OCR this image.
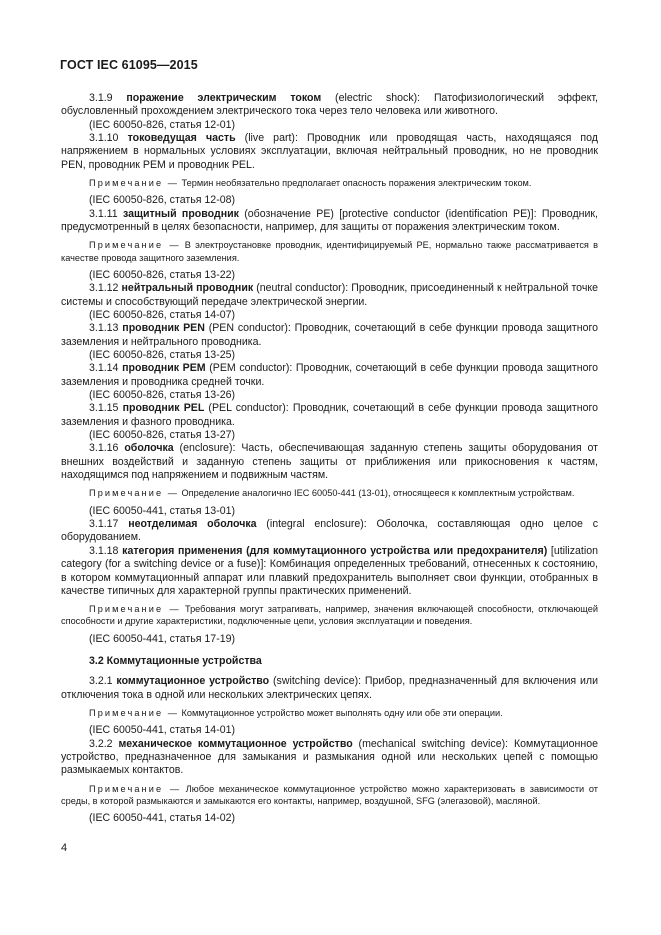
ГОСТ IEC 61095—2015

3.1.9 поражение электрическим током (electric shock): Патофизиологический эффект, обусловленный прохождением электрического тока через тело человека или животного.

(IEC 60050-826, статья 12-01)

3.1.10 токоведущая часть (live part): Проводник или проводящая часть, находящаяся под напряжением в нормальных условиях эксплуатации, включая нейтральный проводник, но не проводник PEN, проводник PEM и проводник PEL.

Примечание — Термин необязательно предполагает опасность поражения электрическим током.

(IEC 60050-826, статья 12-08)

3.1.11 защитный проводник (обозначение PE) [protective conductor (identification PE)]: Проводник, предусмотренный в целях безопасности, например, для защиты от поражения электрическим током.

Примечание — В электроустановке проводник, идентифицируемый PE, нормально также рассматривается в качестве провода защитного заземления.

(IEC 60050-826, статья 13-22)

3.1.12 нейтральный проводник (neutral conductor): Проводник, присоединенный к нейтральной точке системы и способствующий передаче электрической энергии.

(IEC 60050-826, статья 14-07)

3.1.13 проводник PEN (PEN conductor): Проводник, сочетающий в себе функции провода защитного заземления и нейтрального проводника.

(IEC 60050-826, статья 13-25)

3.1.14 проводник PEM (PEM conductor): Проводник, сочетающий в себе функции провода защитного заземления и проводника средней точки.

(IEC 60050-826, статья 13-26)

3.1.15 проводник PEL (PEL conductor): Проводник, сочетающий в себе функции провода защитного заземления и фазного проводника.

(IEC 60050-826, статья 13-27)

3.1.16 оболочка (enclosure): Часть, обеспечивающая заданную степень защиты оборудования от внешних воздействий и заданную степень защиты от приближения или прикосновения к частям, находящимся под напряжением и подвижным частям.

Примечание — Определение аналогично IEC 60050-441 (13-01), относящееся к комплектным устройствам.

(IEC 60050-441, статья 13-01)

3.1.17 неотделимая оболочка (integral enclosure): Оболочка, составляющая одно целое с оборудованием.

3.1.18 категория применения (для коммутационного устройства или предохранителя) [utilization category (for a switching device or a fuse)]: Комбинация определенных требований, отнесенных к состоянию, в котором коммутационный аппарат или плавкий предохранитель выполняет свои функции, отобранных в качестве типичных для характерной группы практических применений.

Примечание — Требования могут затрагивать, например, значения включающей способности, отключающей способности и другие характеристики, подключенные цепи, условия эксплуатации и поведения.

(IEC 60050-441, статья 17-19)

3.2 Коммутационные устройства

3.2.1 коммутационное устройство (switching device): Прибор, предназначенный для включения или отключения тока в одной или нескольких электрических цепях.

Примечание — Коммутационное устройство может выполнять одну или обе эти операции.

(IEC 60050-441, статья 14-01)

3.2.2 механическое коммутационное устройство (mechanical switching device): Коммутационное устройство, предназначенное для замыкания и размыкания одной или нескольких цепей с помощью размыкаемых контактов.

Примечание — Любое механическое коммутационное устройство можно характеризовать в зависимости от среды, в которой размыкаются и замыкаются его контакты, например, воздушной, SFG (элегазовой), масляной.

(IEC 60050-441, статья 14-02)

4
